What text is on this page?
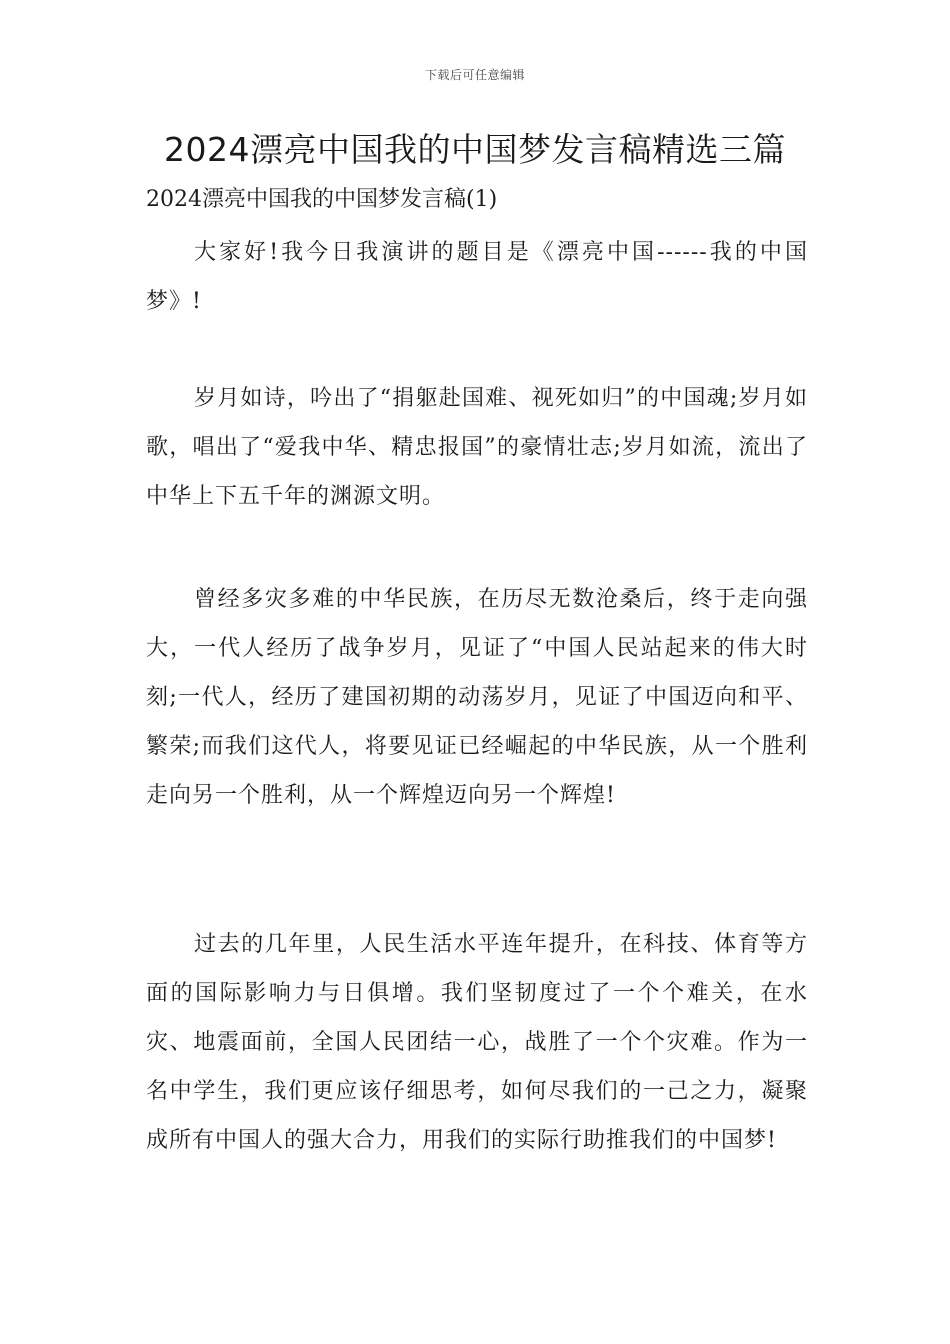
下载后可任意编辑
2024漂亮中国我的中国梦发言稿精选三篇

2024漂亮中国我的中国梦发言稿(1)

大家好!我今日我演讲的题目是《漂亮中国------我的中国梦》!

岁月如诗，吟出了“捐躯赴国难、视死如归”的中国魂;岁月如歌，唱出了“爱我中华、精忠报国”的豪情壮志;岁月如流，流出了中华上下五千年的渊源文明。

曾经多灾多难的中华民族，在历尽无数沧桑后，终于走向强大，一代人经历了战争岁月，见证了“中国人民站起来的伟大时刻;一代人，经历了建国初期的动荡岁月，见证了中国迈向和平、繁荣;而我们这代人，将要见证已经崛起的中华民族，从一个胜利走向另一个胜利，从一个辉煌迈向另一个辉煌!

过去的几年里，人民生活水平连年提升，在科技、体育等方面的国际影响力与日俱增。我们坚韧度过了一个个难关，在水灾、地震面前，全国人民团结一心，战胜了一个个灾难。作为一名中学生，我们更应该仔细思考，如何尽我们的一己之力，凝聚成所有中国人的强大合力，用我们的实际行助推我们的中国梦!
